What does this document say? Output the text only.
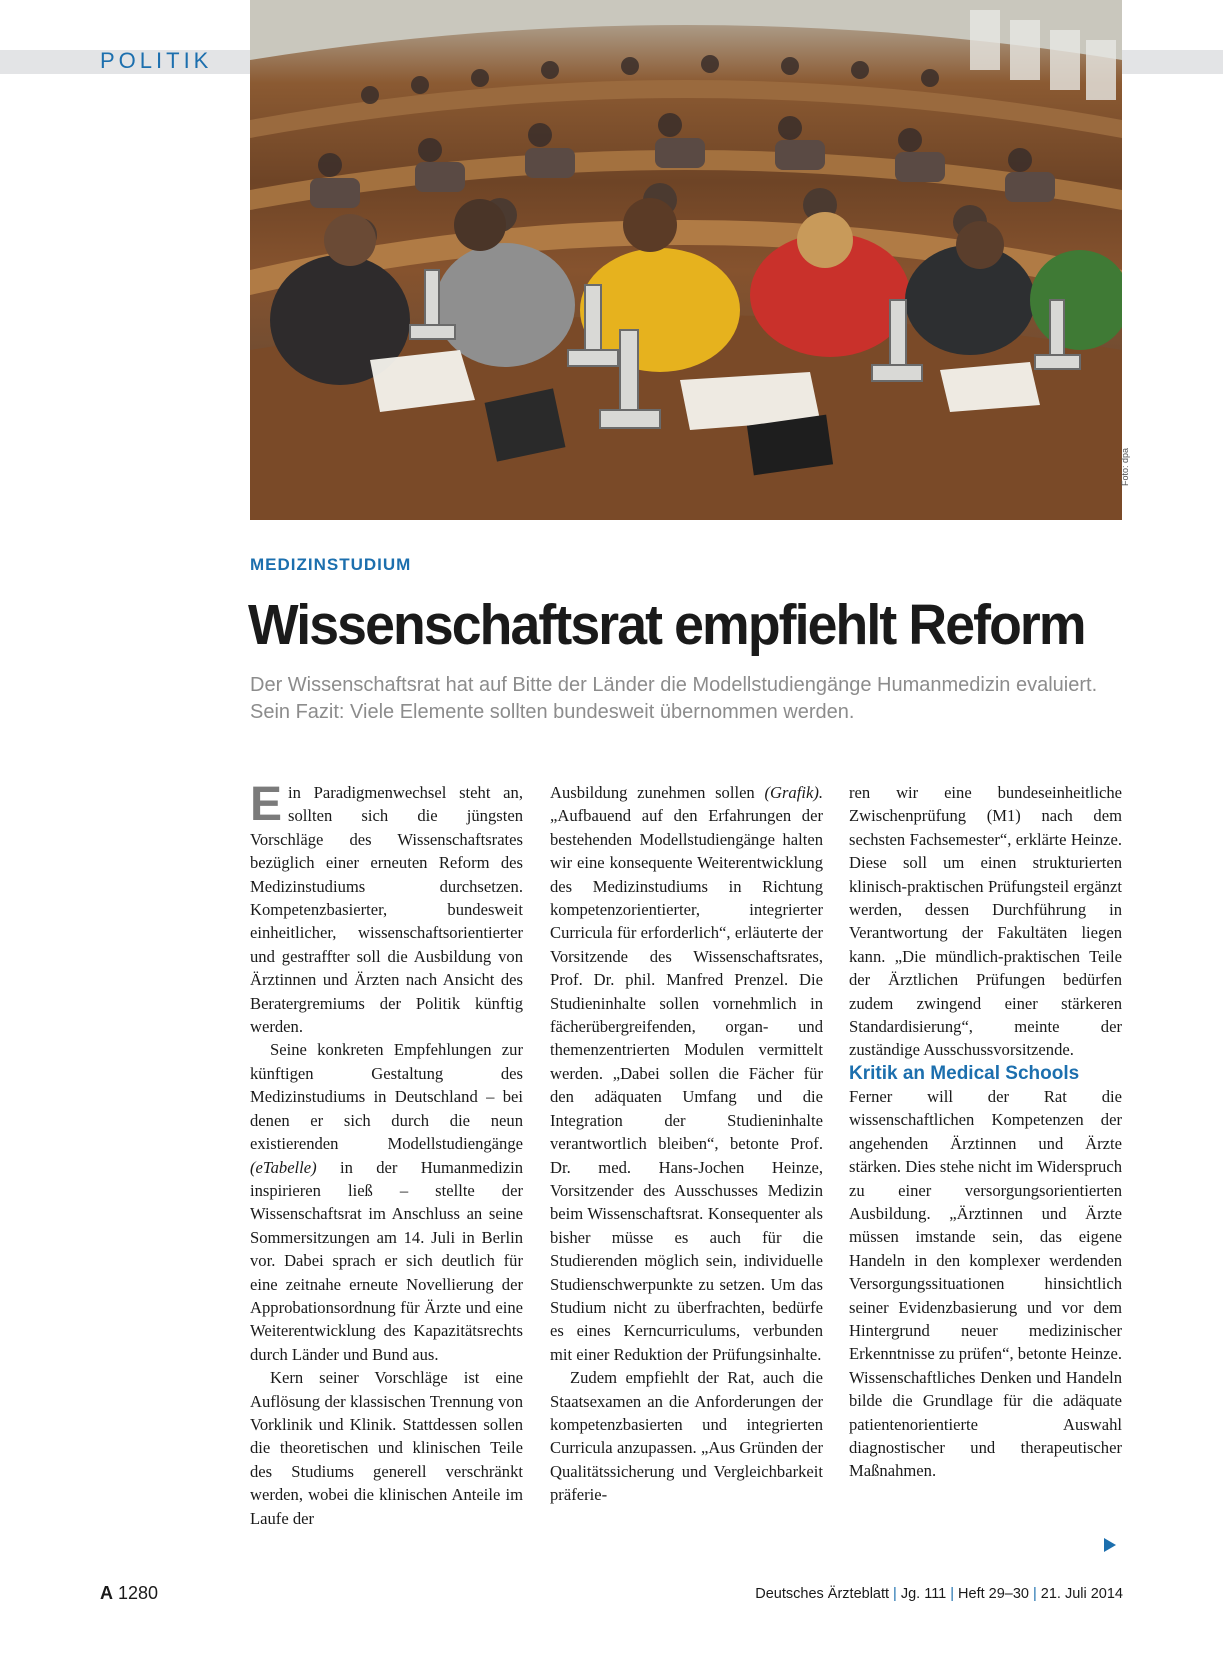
POLITIK
Foto: dpa
MEDIZINSTUDIUM
Wissenschaftsrat empfiehlt Reform

Der Wissenschaftsrat hat auf Bitte der Länder die Modellstudiengänge Humanmedizin evaluiert. Sein Fazit: Viele Elemente sollten bundesweit übernommen werden.

Ein Paradigmenwechsel steht an, sollten sich die jüngsten Vorschläge des Wissenschaftsrates bezüglich einer erneuten Reform des Medizinstudiums durchsetzen. Kompetenzbasierter, bundesweit einheitlicher, wissenschaftsorientierter und gestraffter soll die Ausbildung von Ärztinnen und Ärzten nach Ansicht des Beratergremiums der Politik künftig werden.

Seine konkreten Empfehlungen zur künftigen Gestaltung des Medizinstudiums in Deutschland – bei denen er sich durch die neun existierenden Modellstudiengänge (eTabelle) in der Humanmedizin inspirieren ließ – stellte der Wissenschaftsrat im Anschluss an seine Sommersitzungen am 14. Juli in Berlin vor. Dabei sprach er sich deutlich für eine zeitnahe erneute Novellierung der Approbationsordnung für Ärzte und eine Weiterentwicklung des Kapazitätsrechts durch Länder und Bund aus.

Kern seiner Vorschläge ist eine Auflösung der klassischen Trennung von Vorklinik und Klinik. Stattdessen sollen die theoretischen und klinischen Teile des Studiums generell verschränkt werden, wobei die klinischen Anteile im Laufe der

Ausbildung zunehmen sollen (Grafik). „Aufbauend auf den Erfahrungen der bestehenden Modellstudiengänge halten wir eine konsequente Weiterentwicklung des Medizinstudiums in Richtung kompetenzorientierter, integrierter Curricula für erforderlich“, erläuterte der Vorsitzende des Wissenschaftsrates, Prof. Dr. phil. Manfred Prenzel. Die Studieninhalte sollen vornehmlich in fächerübergreifenden, organ- und themenzentrierten Modulen vermittelt werden. „Dabei sollen die Fächer für den adäquaten Umfang und die Integration der Studieninhalte verantwortlich bleiben“, betonte Prof. Dr. med. Hans-Jochen Heinze, Vorsitzender des Ausschusses Medizin beim Wissenschaftsrat. Konsequenter als bisher müsse es auch für die Studierenden möglich sein, individuelle Studienschwerpunkte zu setzen. Um das Studium nicht zu überfrachten, bedürfe es eines Kerncurriculums, verbunden mit einer Reduktion der Prüfungsinhalte.

Zudem empfiehlt der Rat, auch die Staatsexamen an die Anforderungen der kompetenzbasierten und integrierten Curricula anzupassen. „Aus Gründen der Qualitätssicherung und Vergleichbarkeit präferie-

ren wir eine bundeseinheitliche Zwischenprüfung (M1) nach dem sechsten Fachsemester“, erklärte Heinze. Diese soll um einen strukturierten klinisch-praktischen Prüfungsteil ergänzt werden, dessen Durchführung in Verantwortung der Fakultäten liegen kann. „Die mündlich-praktischen Teile der Ärztlichen Prüfungen bedürfen zudem zwingend einer stärkeren Standardisierung“, meinte der zuständige Ausschussvorsitzende.

Kritik an Medical Schools

Ferner will der Rat die wissenschaftlichen Kompetenzen der angehenden Ärztinnen und Ärzte stärken. Dies stehe nicht im Widerspruch zu einer versorgungsorientierten Ausbildung. „Ärztinnen und Ärzte müssen imstande sein, das eigene Handeln in den komplexer werdenden Versorgungssituationen hinsichtlich seiner Evidenzbasierung und vor dem Hintergrund neuer medizinischer Erkenntnisse zu prüfen“, betonte Heinze. Wissenschaftliches Denken und Handeln bilde die Grundlage für die adäquate patientenorientierte Auswahl diagnostischer und therapeutischer Maßnahmen.

A 1280	Deutsches Ärzteblatt | Jg. 111 | Heft 29–30 | 21. Juli 2014
